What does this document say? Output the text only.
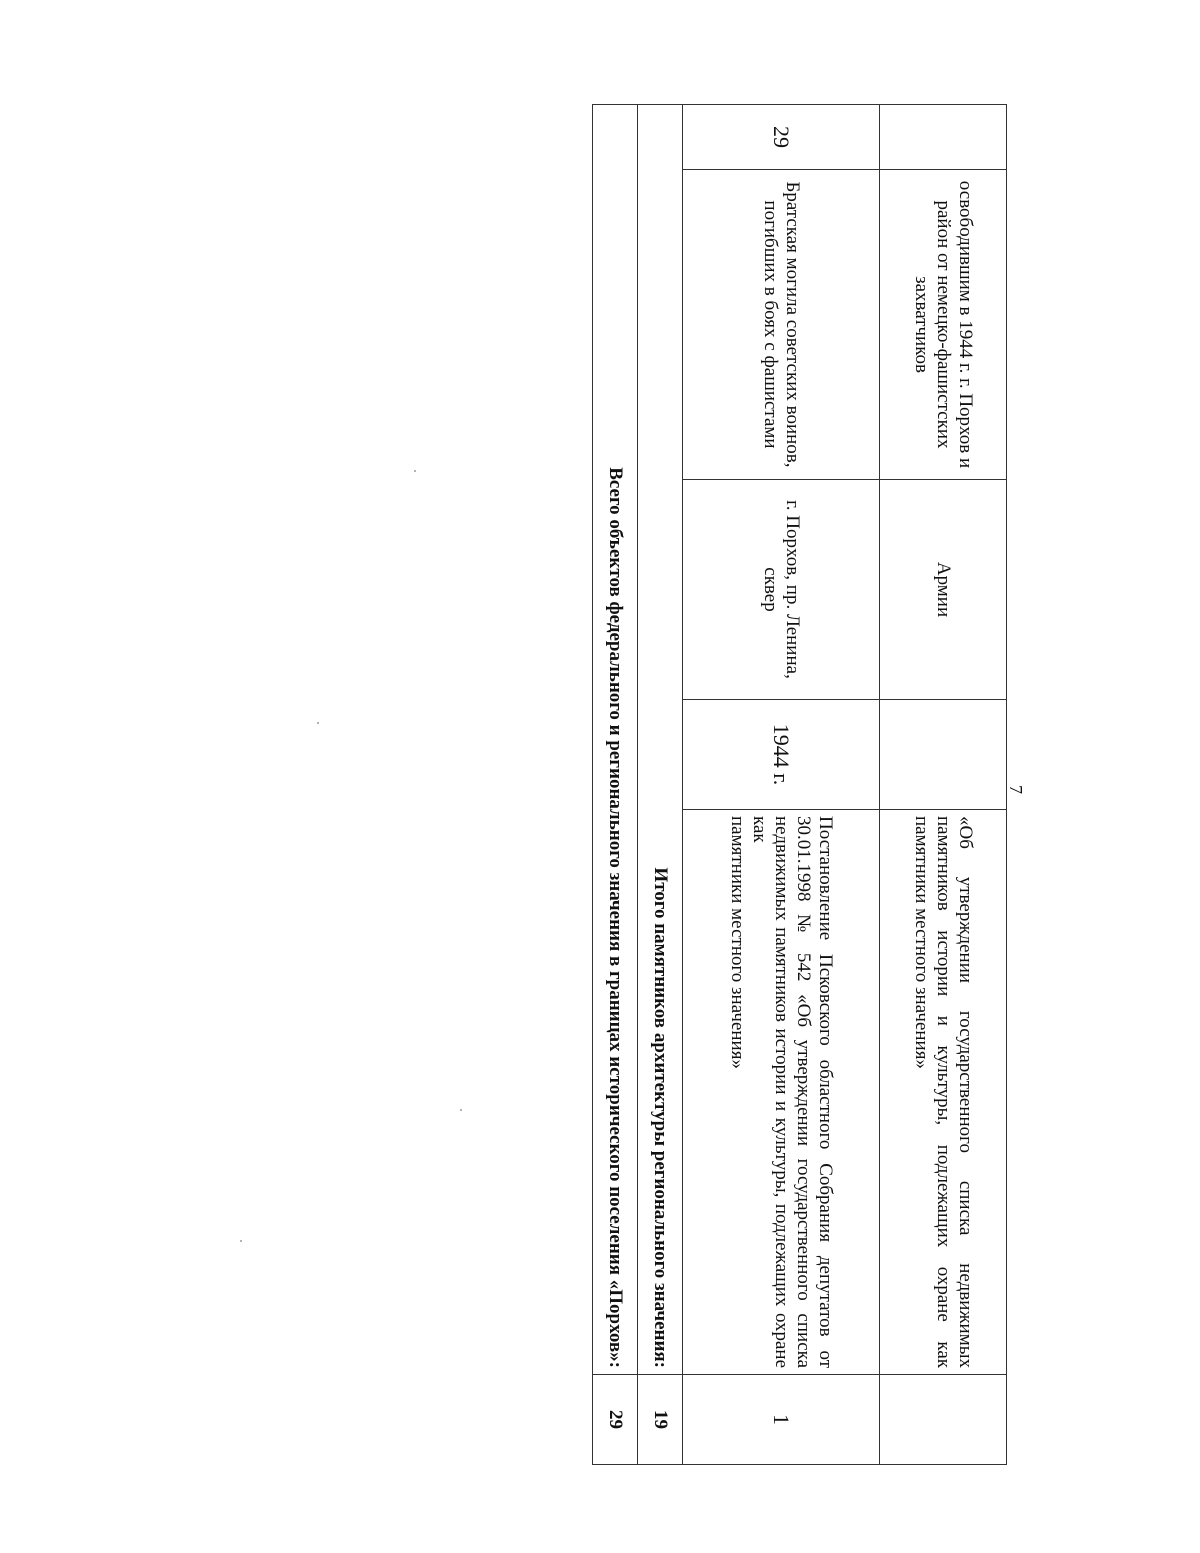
7
	освободившим в 1944 г. г. Порхов и район от немецко-фашистских захватчиков	Армии		«Об утверждении государственного списка недвижимых памятников истории и культуры, подлежащих охране как
памятники местного значения»	

29	Братская могила советских воинов, погибших в боях с фашистами	г. Порхов, пр. Ленина, сквер	1944 г.	Постановление Псковского областного Собрания депутатов от 30.01.1998 № 542 «Об утверждении государственного списка недвижимых памятников истории и культуры, подлежащих охране как
памятники местного значения»	1
Итого памятников архитектуры регионального значения:					19
Всего объектов федерального и регионального значения в границах исторического поселения «Порхов»:					29
